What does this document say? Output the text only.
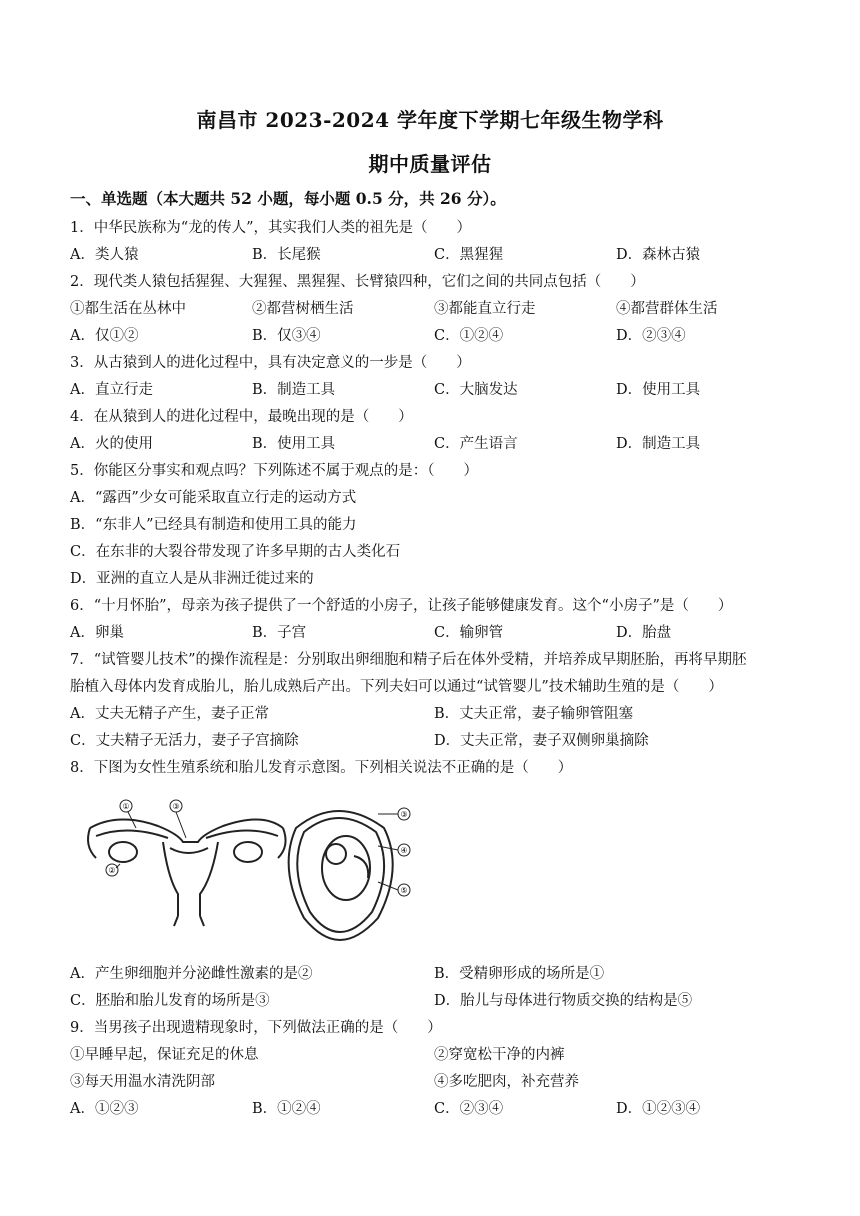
南昌市 2023-2024 学年度下学期七年级生物学科
期中质量评估
一、单选题（本大题共 52 小题，每小题 0.5 分，共 26 分）。
1．中华民族称为“龙的传人”，其实我们人类的祖先是（　　）
A．类人猿	B．长尾猴	C．黑猩猩	D．森林古猿
2．现代类人猿包括猩猩、大猩猩、黑猩猩、长臂猿四种，它们之间的共同点包括（　　）
①都生活在丛林中	②都营树栖生活	③都能直立行走	④都营群体生活
A．仅①②	B．仅③④	C．①②④	D．②③④
3．从古猿到人的进化过程中，具有决定意义的一步是（　　）
A．直立行走	B．制造工具	C．大脑发达	D．使用工具
4．在从猿到人的进化过程中，最晚出现的是（　　）
A．火的使用	B．使用工具	C．产生语言	D．制造工具
5．你能区分事实和观点吗？下列陈述不属于观点的是：（　　）
A．“露西”少女可能采取直立行走的运动方式
B．“东非人”已经具有制造和使用工具的能力
C．在东非的大裂谷带发现了许多早期的古人类化石
D．亚洲的直立人是从非洲迁徙过来的
6．“十月怀胎”，母亲为孩子提供了一个舒适的小房子，让孩子能够健康发育。这个“小房子”是（　　）
A．卵巢	B．子宫	C．输卵管	D．胎盘
7．“试管婴儿技术”的操作流程是：分别取出卵细胞和精子后在体外受精，并培养成早期胚胎，再将早期胚
胎植入母体内发育成胎儿，胎儿成熟后产出。下列夫妇可以通过“试管婴儿”技术辅助生殖的是（　　）
A．丈夫无精子产生，妻子正常	B．丈夫正常，妻子输卵管阻塞
C．丈夫精子无活力，妻子子宫摘除	D．丈夫正常，妻子双侧卵巢摘除
8．下图为女性生殖系统和胎儿发育示意图。下列相关说法不正确的是（　　）
①
②
③
③
④
⑤
A．产生卵细胞并分泌雌性激素的是②	B．受精卵形成的场所是①
C．胚胎和胎儿发育的场所是③	D．胎儿与母体进行物质交换的结构是⑤
9．当男孩子出现遗精现象时，下列做法正确的是（　　）
①早睡早起，保证充足的休息	②穿宽松干净的内裤
③每天用温水清洗阴部	④多吃肥肉，补充营养
A．①②③	B．①②④	C．②③④	D．①②③④
